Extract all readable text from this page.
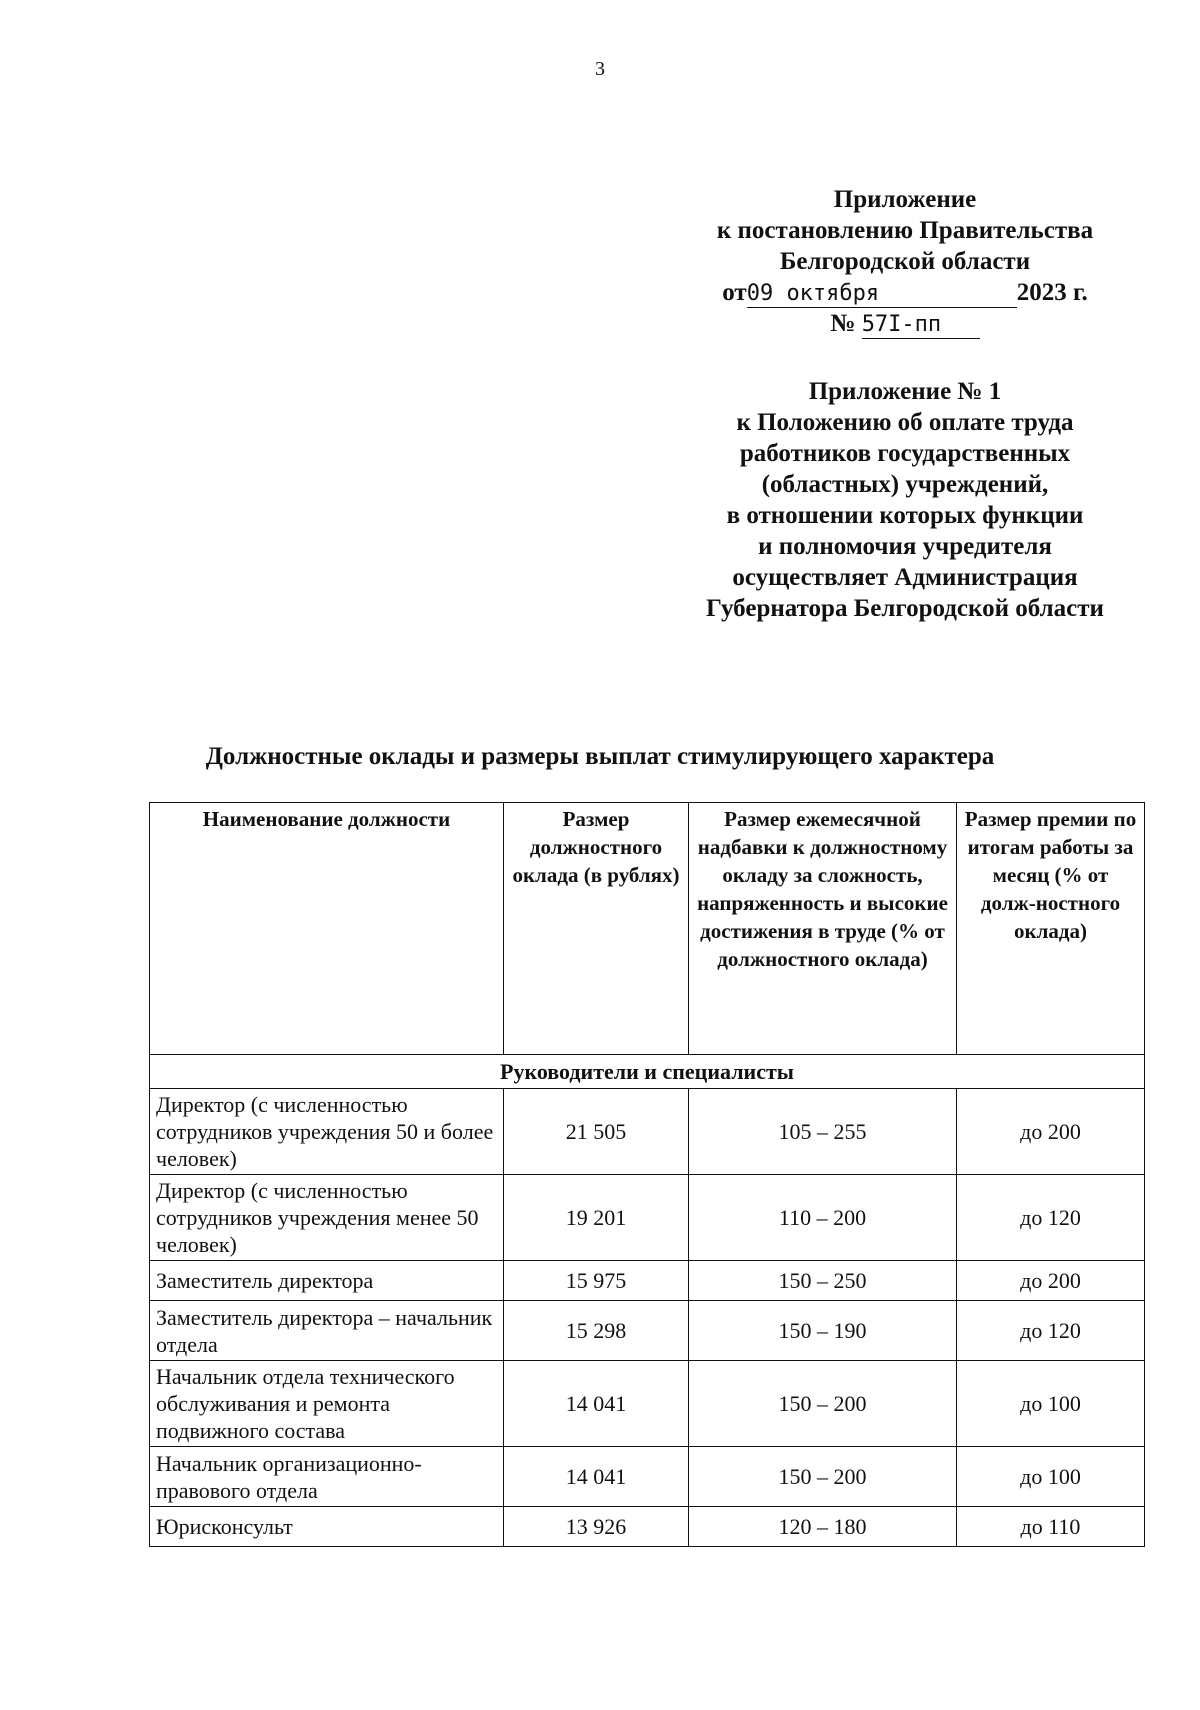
3
Приложение
к постановлению Правительства
Белгородской области
от09 октября	2023 г.
№ 57I-пп
Приложение № 1
к Положению об оплате труда
работников государственных
(областных) учреждений,
в отношении которых функции
и полномочия учредителя
осуществляет Администрация
Губернатора Белгородской области
Должностные оклады и размеры выплат стимулирующего характера
Наименование должности	Размер должностного оклада (в рублях)	Размер ежемесячной надбавки к должностному окладу за сложность, напряженность и высокие достижения в труде (% от должностного оклада)	Размер премии по итогам работы за месяц (% от долж-ностного оклада)
Руководители и специалисты			
Директор (с численностью сотрудников учреждения 50 и более человек)	21 505	105 – 255	до 200
Директор (с численностью сотрудников учреждения менее 50 человек)	19 201	110 – 200	до 120
Заместитель директора	15 975	150 – 250	до 200
Заместитель директора – начальник отдела	15 298	150 – 190	до 120
Начальник отдела технического обслуживания и ремонта подвижного состава	14 041	150 – 200	до 100
Начальник организационно-правового отдела	14 041	150 – 200	до 100
Юрисконсульт	13 926	120 – 180	до 110
